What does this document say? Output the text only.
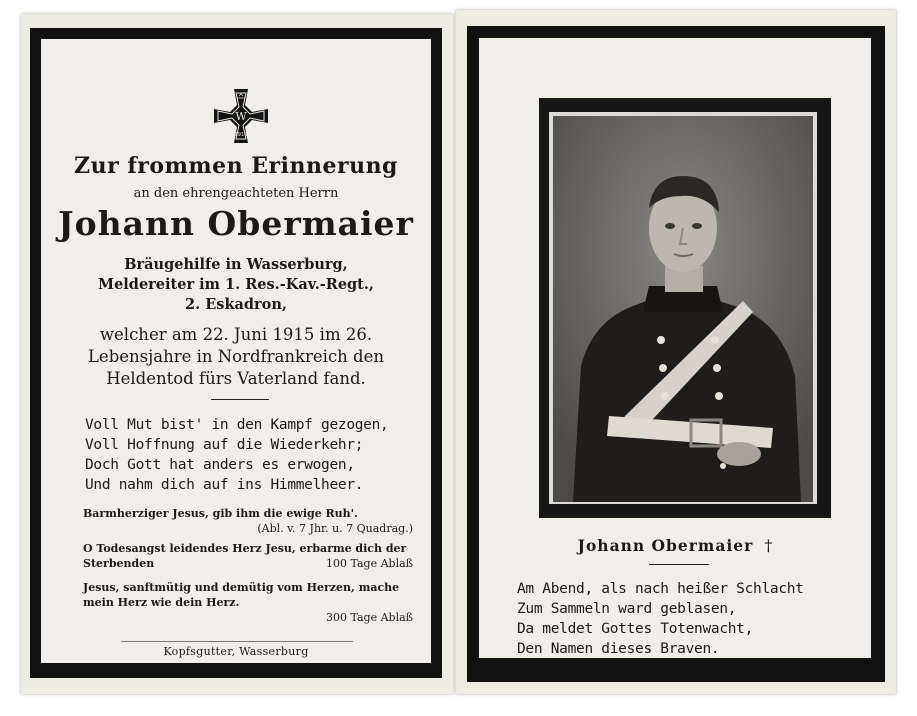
W
1914
Zur frommen Erinnerung
an den ehrengeachteten Herrn
Johann Obermaier
Bräugehilfe in Wasserburg,
Meldereiter im 1. Res.-Kav.-Regt.,
2. Eskadron,
welcher am 22. Juni 1915 im 26.
Lebensjahre in Nordfrankreich den
Heldentod fürs Vaterland fand.
Voll Mut bist' in den Kampf gezogen,
Voll Hoffnung auf die Wiederkehr;
Doch Gott hat anders es erwogen,
Und nahm dich auf ins Himmelheer.
Barmherziger Jesus, gib ihm die ewige Ruh'.
(Abl. v. 7 Jhr. u. 7 Quadrag.)
O Todesangst leidendes Herz Jesu, erbarme dich der Sterbenden	100 Tage Ablaß
Jesus, sanftmütig und demütig vom Herzen, mache mein Herz wie dein Herz.
300 Tage Ablaß
Kopfsgutter, Wasserburg
Johann Obermaier †
Am Abend, als nach heißer Schlacht
Zum Sammeln ward geblasen,
Da meldet Gottes Totenwacht,
Den Namen dieses Braven.
